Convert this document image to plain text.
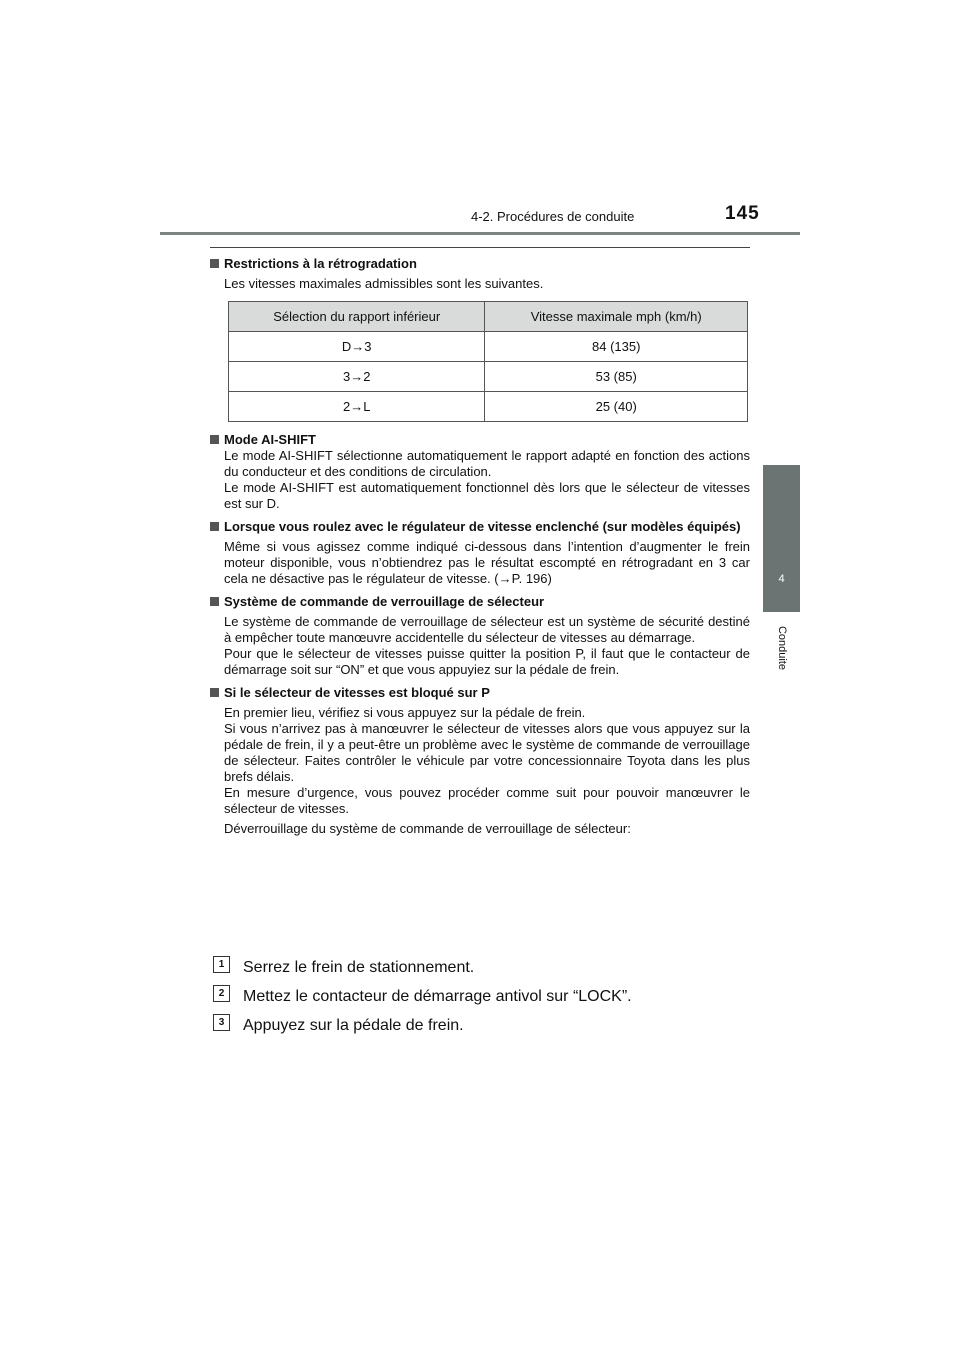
4-2. Procédures de conduite	145
4
Conduite
Restrictions à la rétrogradation
Les vitesses maximales admissibles sont les suivantes.
Sélection du rapport inférieur	Vitesse maximale mph (km/h)
D→3	84 (135)
3→2	53 (85)
2→L	25 (40)
Mode AI-SHIFT
Le mode AI-SHIFT sélectionne automatiquement le rapport adapté en fonction des actions du conducteur et des conditions de circulation.
Le mode AI-SHIFT est automatiquement fonctionnel dès lors que le sélecteur de vitesses est sur D.
Lorsque vous roulez avec le régulateur de vitesse enclenché (sur modèles équipés)
Même si vous agissez comme indiqué ci-dessous dans l’intention d’augmenter le frein moteur disponible, vous n’obtiendrez pas le résultat escompté en rétrogradant en 3 car cela ne désactive pas le régulateur de vitesse. (→P. 196)
Système de commande de verrouillage de sélecteur
Le système de commande de verrouillage de sélecteur est un système de sécurité destiné à empêcher toute manœuvre accidentelle du sélecteur de vitesses au démarrage.
Pour que le sélecteur de vitesses puisse quitter la position P, il faut que le contacteur de démarrage soit sur “ON” et que vous appuyiez sur la pédale de frein.
Si le sélecteur de vitesses est bloqué sur P
En premier lieu, vérifiez si vous appuyez sur la pédale de frein.
Si vous n’arrivez pas à manœuvrer le sélecteur de vitesses alors que vous appuyez sur la pédale de frein, il y a peut-être un problème avec le système de commande de verrouillage de sélecteur. Faites contrôler le véhicule par votre concessionnaire Toyota dans les plus brefs délais.
En mesure d’urgence, vous pouvez procéder comme suit pour pouvoir manœuvrer le sélecteur de vitesses.
Déverrouillage du système de commande de verrouillage de sélecteur:
1	Serrez le frein de stationnement.
2	Mettez le contacteur de démarrage antivol sur “LOCK”.
3	Appuyez sur la pédale de frein.
